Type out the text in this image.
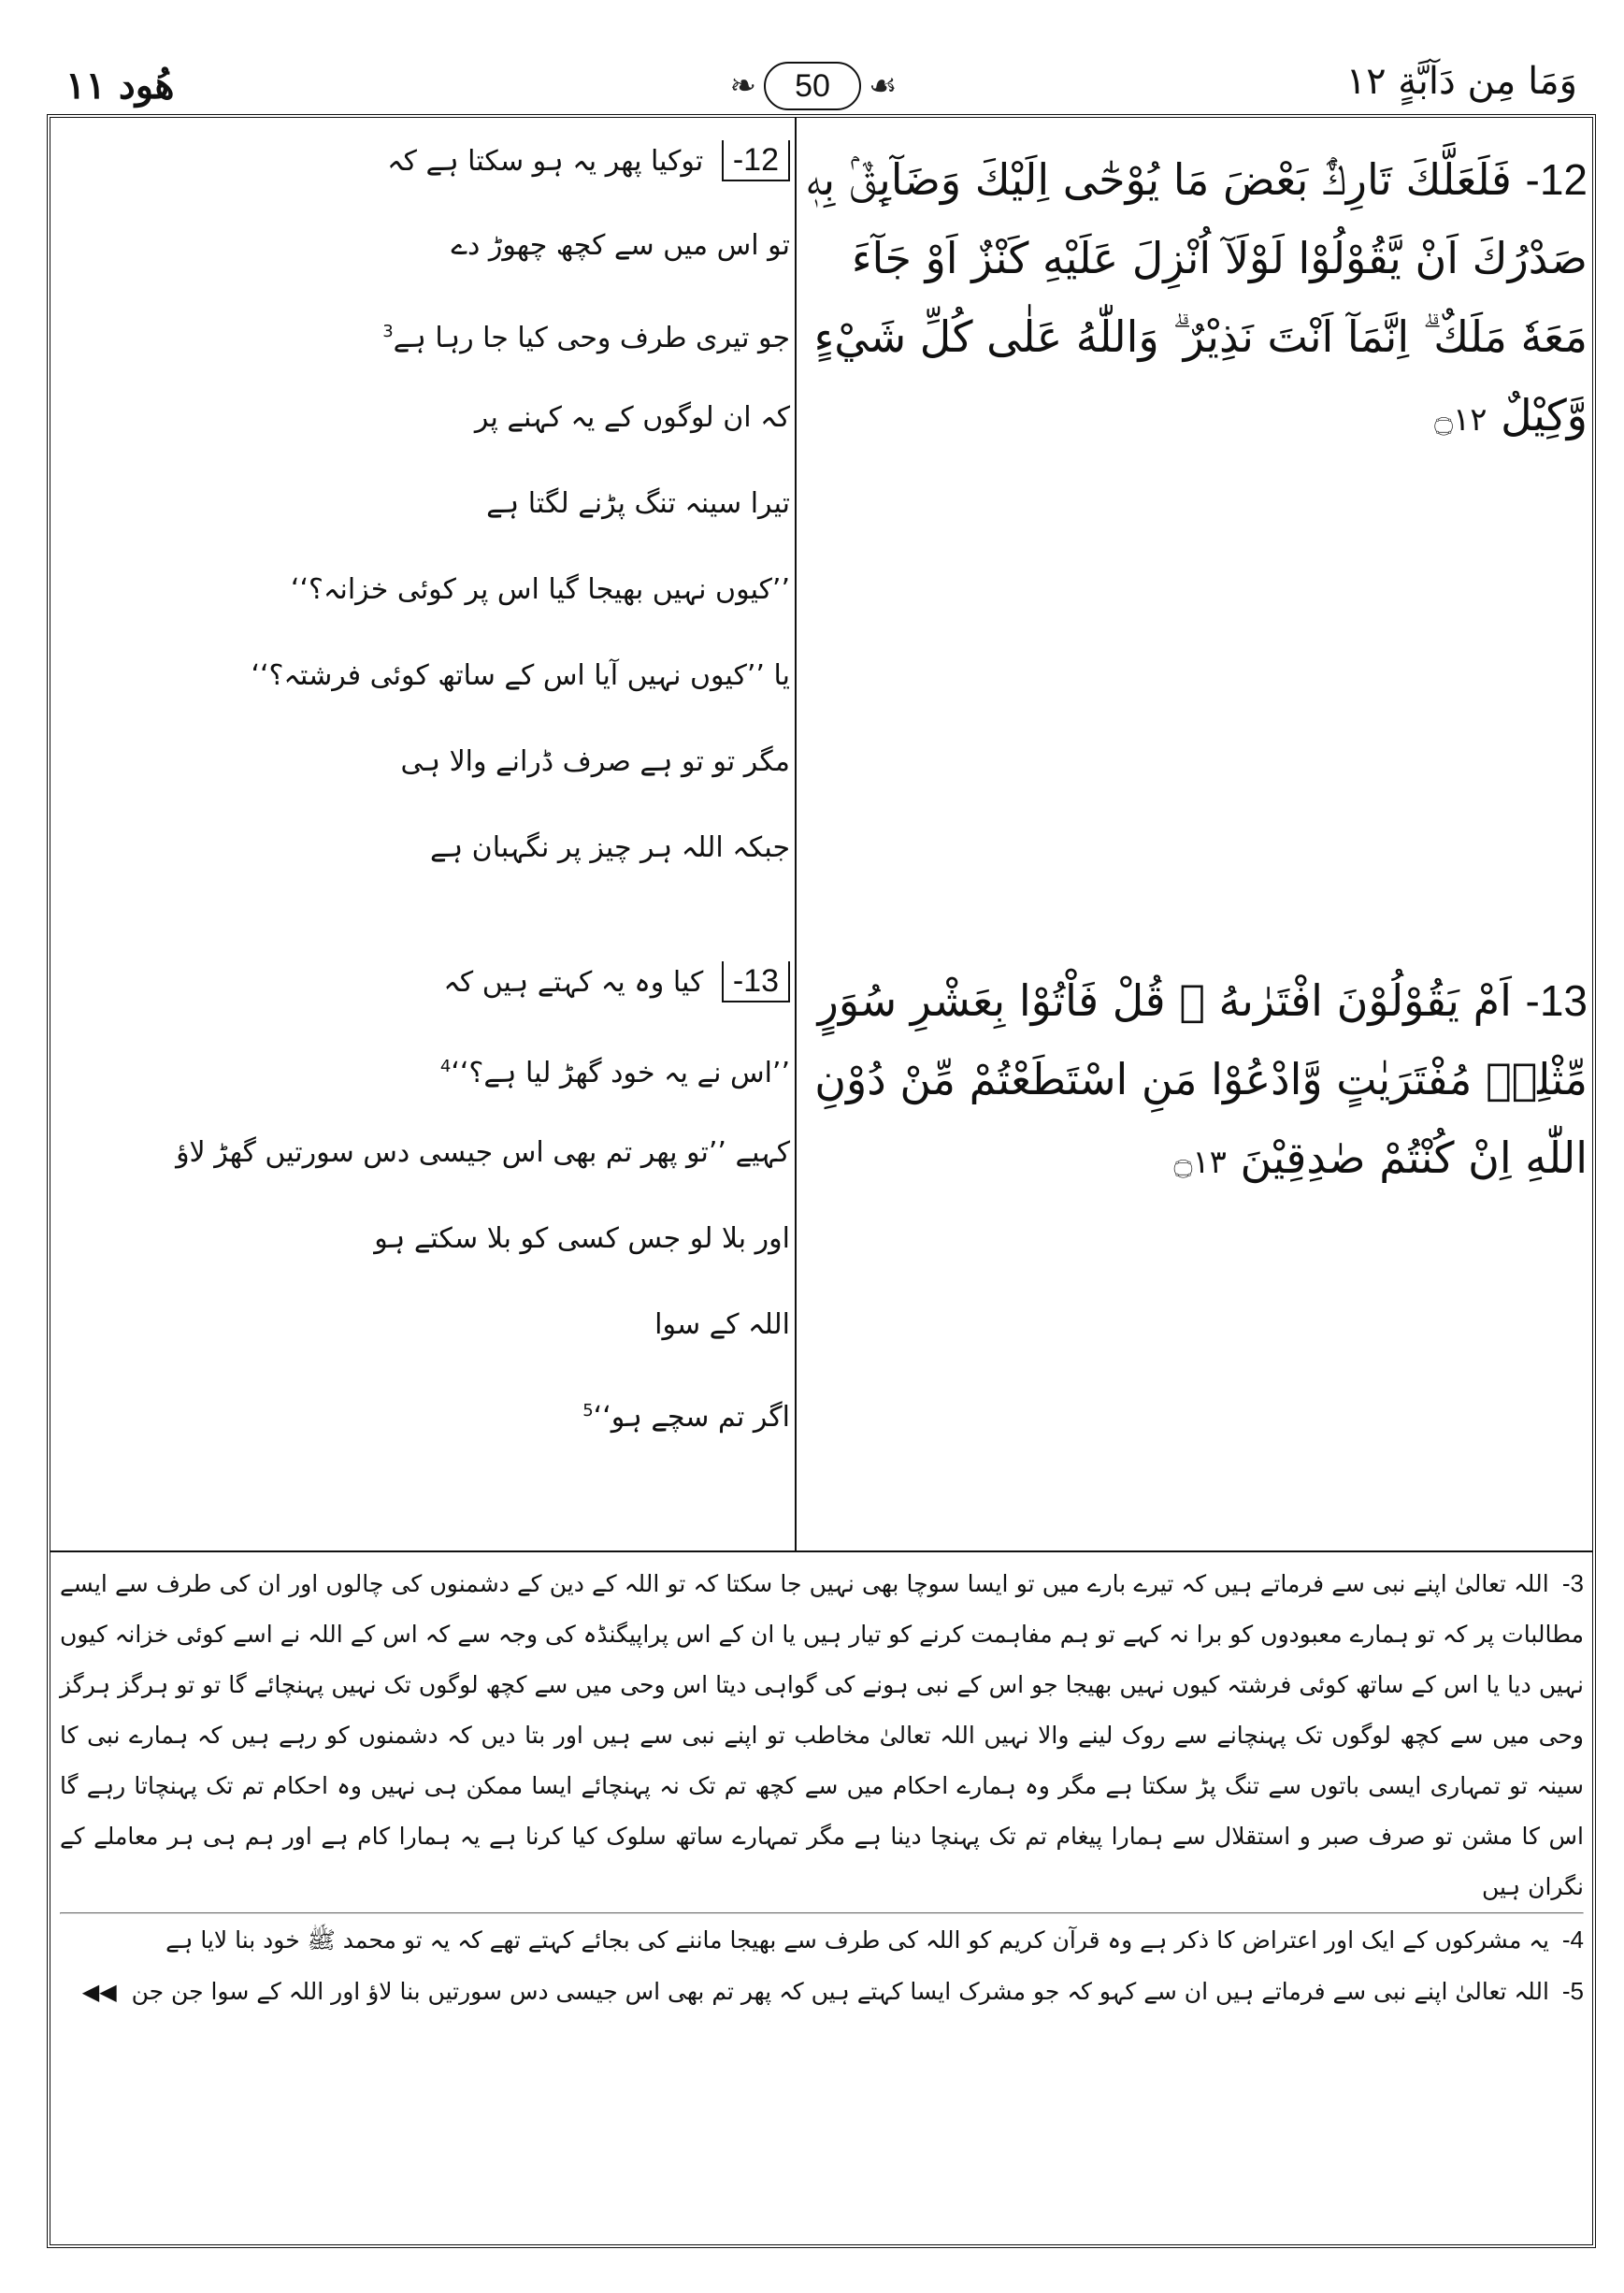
وَمَا مِن دَآبَّةٍ ۱۲
❧	50	☙
هُود ۱۱
12- فَلَعَلَّكَ تَارِكٌۢ بَعْضَ مَا يُوْحٰٓى اِلَيْكَ وَضَآىِٕقٌۢ بِهٖ صَدْرُكَ اَنْ يَّقُوْلُوْا لَوْلَآ اُنْزِلَ عَلَيْهِ كَنْزٌ اَوْ جَآءَ مَعَهٗ مَلَكٌ ۗ اِنَّمَآ اَنْتَ نَذِيْرٌ ۗ وَاللّٰهُ عَلٰى كُلِّ شَيْءٍ وَّكِيْلٌ ۝۱۲
13- اَمْ يَقُوْلُوْنَ افْتَرٰىهُ ۗ قُلْ فَاْتُوْا بِعَشْرِ سُوَرٍ مِّثْلِهٖ مُفْتَرَيٰتٍ وَّادْعُوْا مَنِ اسْتَطَعْتُمْ مِّنْ دُوْنِ اللّٰهِ اِنْ كُنْتُمْ صٰدِقِيْنَ ۝۱۳
12- توکیا پھر یہ ہو سکتا ہے کہ
تو اس میں سے کچھ چھوڑ دے
جو تیری طرف وحی کیا جا رہا ہے$^3$
کہ ان لوگوں کے یہ کہنے پر
تیرا سینہ تنگ پڑنے لگتا ہے
’’کیوں نہیں بھیجا گیا اس پر کوئی خزانہ؟‘‘
یا ’’کیوں نہیں آیا اس کے ساتھ کوئی فرشتہ؟‘‘
مگر تو تو ہے صرف ڈرانے والا ہی
جبکہ اللہ ہر چیز پر نگہبان ہے
13- کیا وہ یہ کہتے ہیں کہ
’’اس نے یہ خود گھڑ لیا ہے؟‘‘$^4$
کہیے ’’تو پھر تم بھی اس جیسی دس سورتیں گھڑ لاؤ
اور بلا لو جس کسی کو بلا سکتے ہو
اللہ کے سوا
اگر تم سچے ہو‘‘$^5$

3- اللہ تعالیٰ اپنے نبی سے فرماتے ہیں کہ تیرے بارے میں تو ایسا سوچا بھی نہیں جا سکتا کہ تو اللہ کے دین کے دشمنوں کی چالوں اور ان کی طرف سے ایسے مطالبات پر کہ تو ہمارے معبودوں کو برا نہ کہے تو ہم مفاہمت کرنے کو تیار ہیں یا ان کے اس پراپیگنڈہ کی وجہ سے کہ اس کے اللہ نے اسے کوئی خزانہ کیوں نہیں دیا یا اس کے ساتھ کوئی فرشتہ کیوں نہیں بھیجا جو اس کے نبی ہونے کی گواہی دیتا اس وحی میں سے کچھ لوگوں تک نہیں پہنچائے گا تو تو ہرگز ہرگز وحی میں سے کچھ لوگوں تک پہنچانے سے روک لینے والا نہیں اللہ تعالیٰ مخاطب تو اپنے نبی سے ہیں اور بتا دیں کہ دشمنوں کو رہے ہیں کہ ہمارے نبی کا سینہ تو تمہاری ایسی باتوں سے تنگ پڑ سکتا ہے مگر وہ ہمارے احکام میں سے کچھ تم تک نہ پہنچائے ایسا ممکن ہی نہیں وہ احکام تم تک پہنچاتا رہے گا اس کا مشن تو صرف صبر و استقلال سے ہمارا پیغام تم تک پہنچا دینا ہے مگر تمہارے ساتھ سلوک کیا کرنا ہے یہ ہمارا کام ہے اور ہم ہی ہر معاملے کے نگران ہیں

4- یہ مشرکوں کے ایک اور اعتراض کا ذکر ہے وہ قرآن کریم کو اللہ کی طرف سے بھیجا ماننے کی بجائے کہتے تھے کہ یہ تو محمد ﷺ خود بنا لایا ہے

5- اللہ تعالیٰ اپنے نبی سے فرماتے ہیں ان سے کہو کہ جو مشرک ایسا کہتے ہیں کہ پھر تم بھی اس جیسی دس سورتیں بنا لاؤ اور اللہ کے سوا جن جن ◀◀
